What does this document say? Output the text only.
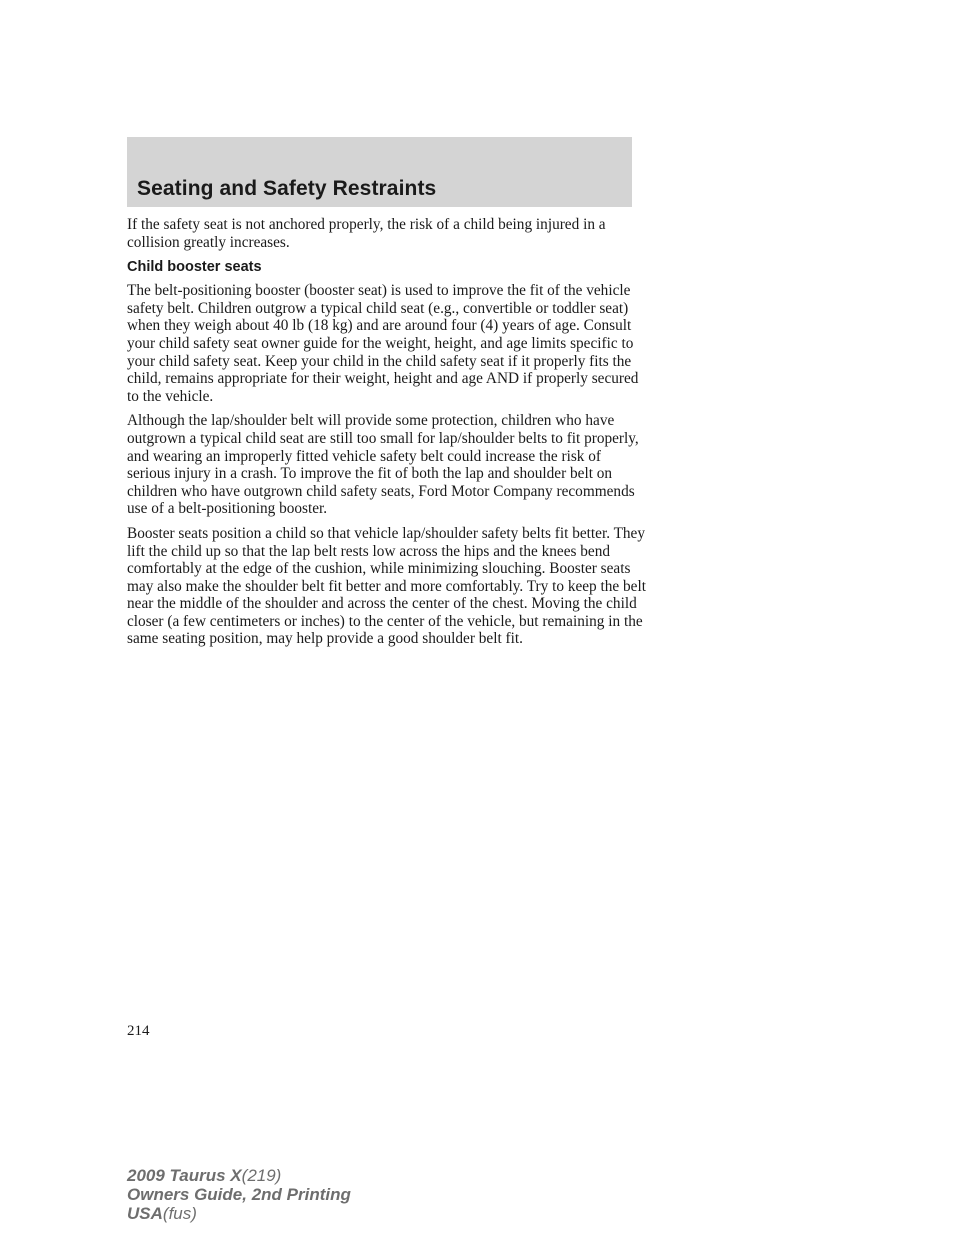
Seating and Safety Restraints

If the safety seat is not anchored properly, the risk of a child being injured in a collision greatly increases.

Child booster seats

The belt-positioning booster (booster seat) is used to improve the fit of the vehicle safety belt. Children outgrow a typical child seat (e.g., convertible or toddler seat) when they weigh about 40 lb (18 kg) and are around four (4) years of age. Consult your child safety seat owner guide for the weight, height, and age limits specific to your child safety seat. Keep your child in the child safety seat if it properly fits the child, remains appropriate for their weight, height and age AND if properly secured to the vehicle.

Although the lap/shoulder belt will provide some protection, children who have outgrown a typical child seat are still too small for lap/shoulder belts to fit properly, and wearing an improperly fitted vehicle safety belt could increase the risk of serious injury in a crash. To improve the fit of both the lap and shoulder belt on children who have outgrown child safety seats, Ford Motor Company recommends use of a belt-positioning booster.

Booster seats position a child so that vehicle lap/shoulder safety belts fit better. They lift the child up so that the lap belt rests low across the hips and the knees bend comfortably at the edge of the cushion, while minimizing slouching. Booster seats may also make the shoulder belt fit better and more comfortably. Try to keep the belt near the middle of the shoulder and across the center of the chest. Moving the child closer (a few centimeters or inches) to the center of the vehicle, but remaining in the same seating position, may help provide a good shoulder belt fit.

214
2009 Taurus X(219)
Owners Guide, 2nd Printing
USA(fus)
